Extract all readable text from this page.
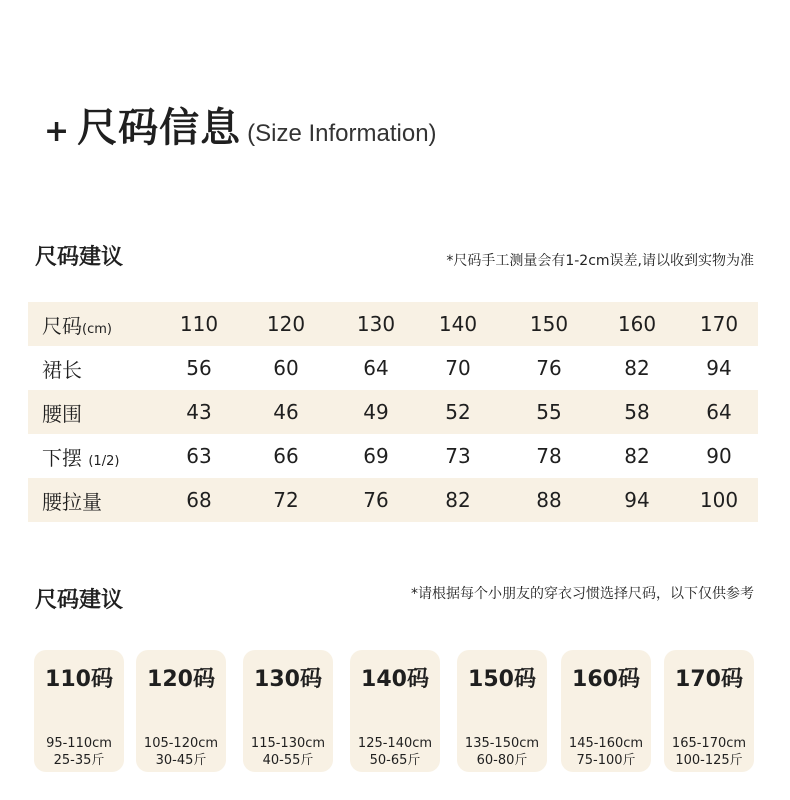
+ 尺码信息 (Size Information)
尺码建议	*尺码手工测量会有1-2cm误差,请以收到实物为准
尺码(cm)	110	120	130	140	150	160	170
裙长	56	60	64	70	76	82	94
腰围	43	46	49	52	55	58	64
下摆 (1/2)	63	66	69	73	78	82	90
腰拉量	68	72	76	82	88	94	100
尺码建议	*请根据每个小朋友的穿衣习惯选择尺码，以下仅供参考
110码
95-110cm
25-35斤
120码
105-120cm
30-45斤
130码
115-130cm
40-55斤
140码
125-140cm
50-65斤
150码
135-150cm
60-80斤
160码
145-160cm
75-100斤
170码
165-170cm
100-125斤
